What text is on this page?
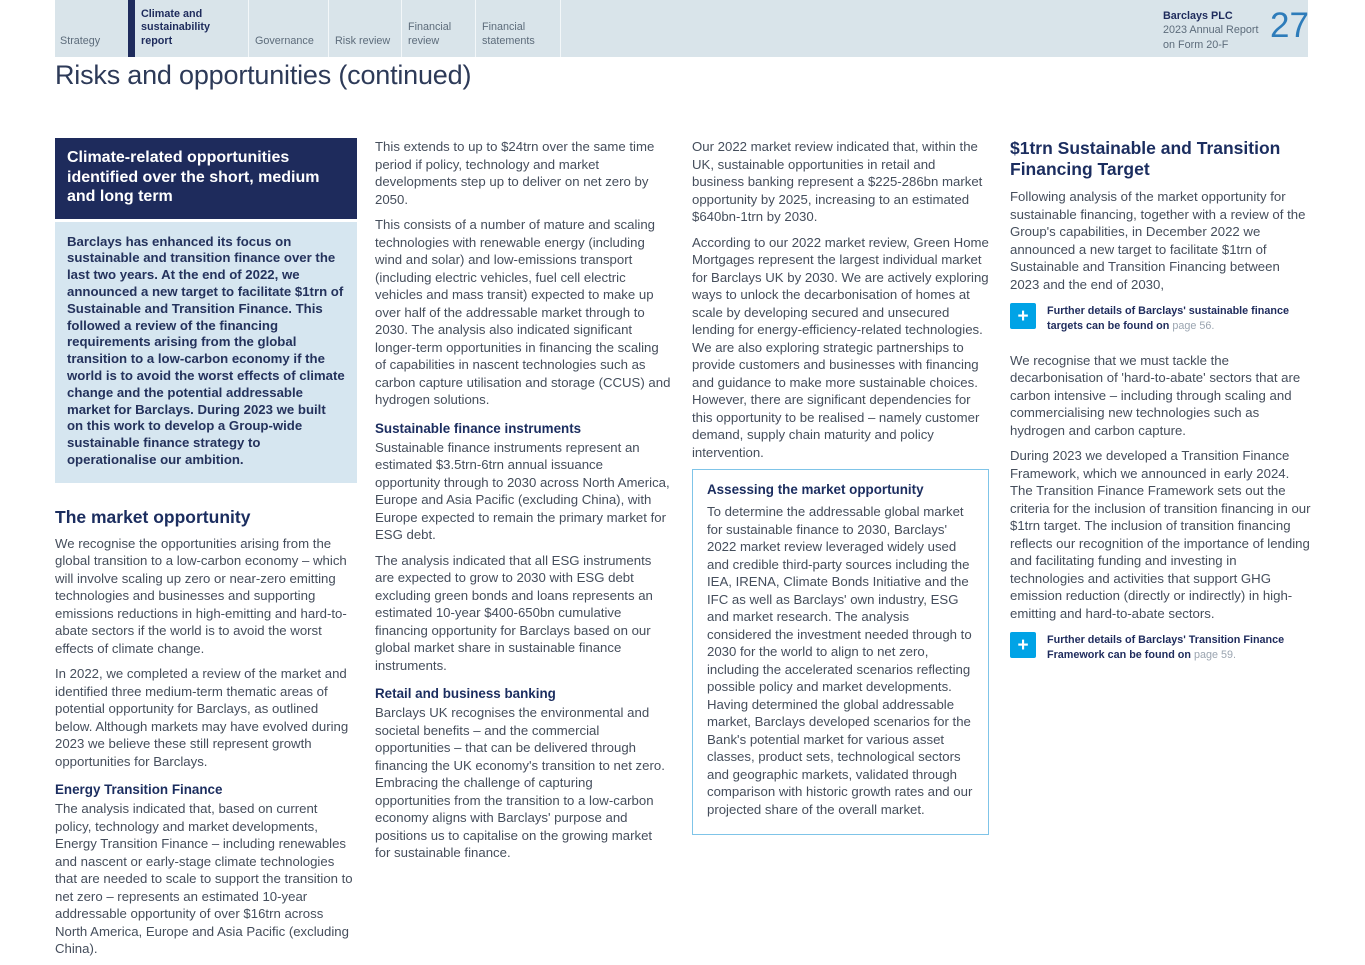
Strategy
Climate and sustainability report	Governance Risk review
Financial review
Financial statements
Barclays PLC
2023 Annual Report
on Form 20-F	27
Risks and opportunities (continued)
Climate-related opportunities identified over the short, medium and long term
Barclays has enhanced its focus on sustainable and transition finance over the last two years. At the end of 2022, we announced a new target to facilitate $1trn of Sustainable and Transition Finance. This followed a review of the financing requirements arising from the global transition to a low-carbon economy if the world is to avoid the worst effects of climate change and the potential addressable market for Barclays. During 2023 we built on this work to develop a Group-wide sustainable finance strategy to operationalise our ambition.
The market opportunity

We recognise the opportunities arising from the global transition to a low-carbon economy – which will involve scaling up zero or near-zero emitting technologies and businesses and supporting emissions reductions in high-emitting and hard-to-abate sectors if the world is to avoid the worst effects of climate change.

In 2022, we completed a review of the market and identified three medium-term thematic areas of potential opportunity for Barclays, as outlined below. Although markets may have evolved during 2023 we believe these still represent growth opportunities for Barclays.

Energy Transition Finance

The analysis indicated that, based on current policy, technology and market developments, Energy Transition Finance – including renewables and nascent or early-stage climate technologies that are needed to scale to support the transition to net zero – represents an estimated 10-year addressable opportunity of over $16trn across North America, Europe and Asia Pacific (excluding China).

This extends to up to $24trn over the same time period if policy, technology and market developments step up to deliver on net zero by 2050.

This consists of a number of mature and scaling technologies with renewable energy (including wind and solar) and low-emissions transport (including electric vehicles, fuel cell electric vehicles and mass transit) expected to make up over half of the addressable market through to 2030. The analysis also indicated significant longer-term opportunities in financing the scaling of capabilities in nascent technologies such as carbon capture utilisation and storage (CCUS) and hydrogen solutions.

Sustainable finance instruments

Sustainable finance instruments represent an estimated $3.5trn-6trn annual issuance opportunity through to 2030 across North America, Europe and Asia Pacific (excluding China), with Europe expected to remain the primary market for ESG debt.

The analysis indicated that all ESG instruments are expected to grow to 2030 with ESG debt excluding green bonds and loans represents an estimated 10-year $400-650bn cumulative financing opportunity for Barclays based on our global market share in sustainable finance instruments.

Retail and business banking

Barclays UK recognises the environmental and societal benefits – and the commercial opportunities – that can be delivered through financing the UK economy's transition to net zero. Embracing the challenge of capturing opportunities from the transition to a low-carbon economy aligns with Barclays' purpose and positions us to capitalise on the growing market for sustainable finance.

Our 2022 market review indicated that, within the UK, sustainable opportunities in retail and business banking represent a $225-286bn market opportunity by 2025, increasing to an estimated $640bn-1trn by 2030.

According to our 2022 market review, Green Home Mortgages represent the largest individual market for Barclays UK by 2030. We are actively exploring ways to unlock the decarbonisation of homes at scale by developing secured and unsecured lending for energy-efficiency-related technologies. We are also exploring strategic partnerships to provide customers and businesses with financing and guidance to make more sustainable choices. However, there are significant dependencies for this opportunity to be realised – namely customer demand, supply chain maturity and policy intervention.

Assessing the market opportunity

To determine the addressable global market for sustainable finance to 2030, Barclays' 2022 market review leveraged widely used and credible third-party sources including the IEA, IRENA, Climate Bonds Initiative and the IFC as well as Barclays' own industry, ESG and market research. The analysis considered the investment needed through to 2030 for the world to align to net zero, including the accelerated scenarios reflecting possible policy and market developments. Having determined the global addressable market, Barclays developed scenarios for the Bank's potential market for various asset classes, product sets, technological sectors and geographic markets, validated through comparison with historic growth rates and our projected share of the overall market.

$1trn Sustainable and Transition Financing Target

Following analysis of the market opportunity for sustainable financing, together with a review of the Group's capabilities, in December 2022 we announced a new target to facilitate $1trn of Sustainable and Transition Financing between 2023 and the end of 2030,

+	Further details of Barclays' sustainable finance targets can be found on page 56.

We recognise that we must tackle the decarbonisation of 'hard-to-abate' sectors that are carbon intensive – including through scaling and commercialising new technologies such as hydrogen and carbon capture.

During 2023 we developed a Transition Finance Framework, which we announced in early 2024. The Transition Finance Framework sets out the criteria for the inclusion of transition financing in our $1trn target. The inclusion of transition financing reflects our recognition of the importance of lending and facilitating funding and investing in technologies and activities that support GHG emission reduction (directly or indirectly) in high-emitting and hard-to-abate sectors.

+	Further details of Barclays' Transition Finance Framework can be found on page 59.
